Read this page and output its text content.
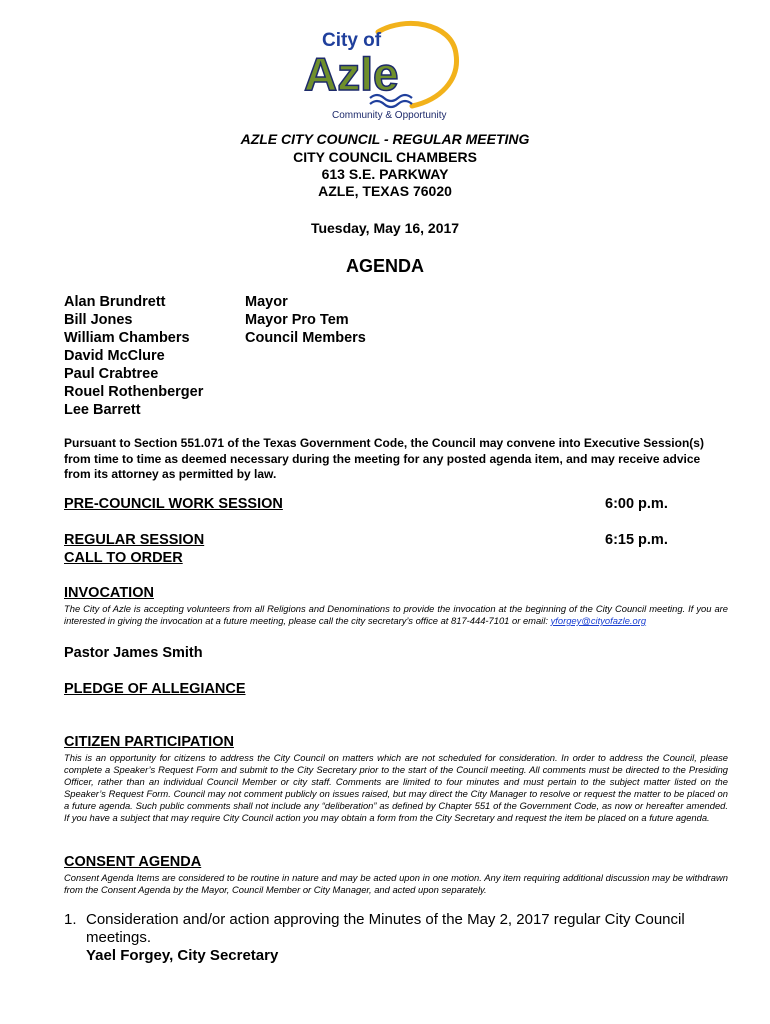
City of
Azle
Community & Opportunity
AZLE CITY COUNCIL - REGULAR MEETING
CITY COUNCIL CHAMBERS
613 S.E. PARKWAY
AZLE, TEXAS 76020
Tuesday, May 16, 2017
AGENDA
Alan Brundrett
Bill Jones
William Chambers
David McClure
Paul Crabtree
Rouel Rothenberger
Lee Barrett
Mayor
Mayor Pro Tem
Council Members
Pursuant to Section 551.071 of the Texas Government Code, the Council may convene into Executive Session(s) from time to time as deemed necessary during the meeting for any posted agenda item, and may receive advice from its attorney as permitted by law.
PRE-COUNCIL WORK SESSION	6:00 p.m.
REGULAR SESSION	6:15 p.m.
CALL TO ORDER
INVOCATION
The City of Azle is accepting volunteers from all Religions and Denominations to provide the invocation at the beginning of the City Council meeting. If you are interested in giving the invocation at a future meeting, please call the city secretary’s office at 817-444-7101 or email: yforgey@cityofazle.org
Pastor James Smith
PLEDGE OF ALLEGIANCE
CITIZEN PARTICIPATION
This is an opportunity for citizens to address the City Council on matters which are not scheduled for consideration. In order to address the Council, please complete a Speaker’s Request Form and submit to the City Secretary prior to the start of the Council meeting. All comments must be directed to the Presiding Officer, rather than an individual Council Member or city staff. Comments are limited to four minutes and must pertain to the subject matter listed on the Speaker’s Request Form. Council may not comment publicly on issues raised, but may direct the City Manager to resolve or request the matter to be placed on a future agenda. Such public comments shall not include any “deliberation” as defined by Chapter 551 of the Government Code, as now or hereafter amended. If you have a subject that may require City Council action you may obtain a form from the City Secretary and request the item be placed on a future agenda.
CONSENT AGENDA
Consent Agenda Items are considered to be routine in nature and may be acted upon in one motion. Any item requiring additional discussion may be withdrawn from the Consent Agenda by the Mayor, Council Member or City Manager, and acted upon separately.
1. Consideration and/or action approving the Minutes of the May 2, 2017 regular City Council meetings.
Yael Forgey, City Secretary
